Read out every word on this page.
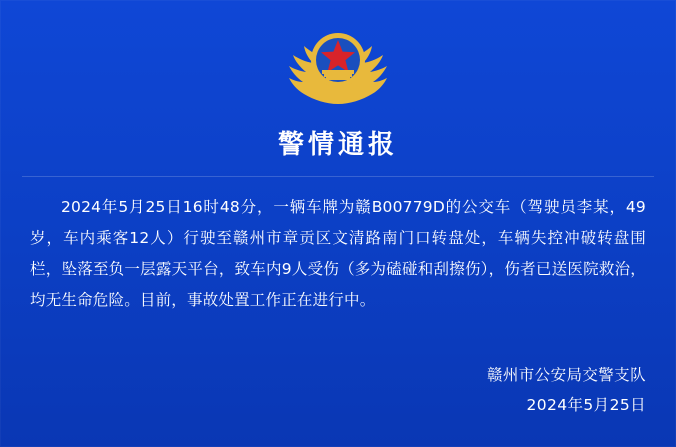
警情通报
2024年5月25日16时48分，一辆车牌为赣B00779D的公交车（驾驶员李某，49岁，车内乘客12人）行驶至赣州市章贡区文清路南门口转盘处，车辆失控冲破转盘围栏，坠落至负一层露天平台，致车内9人受伤（多为磕碰和刮擦伤），伤者已送医院救治，均无生命危险。目前，事故处置工作正在进行中。
赣州市公安局交警支队
2024年5月25日
